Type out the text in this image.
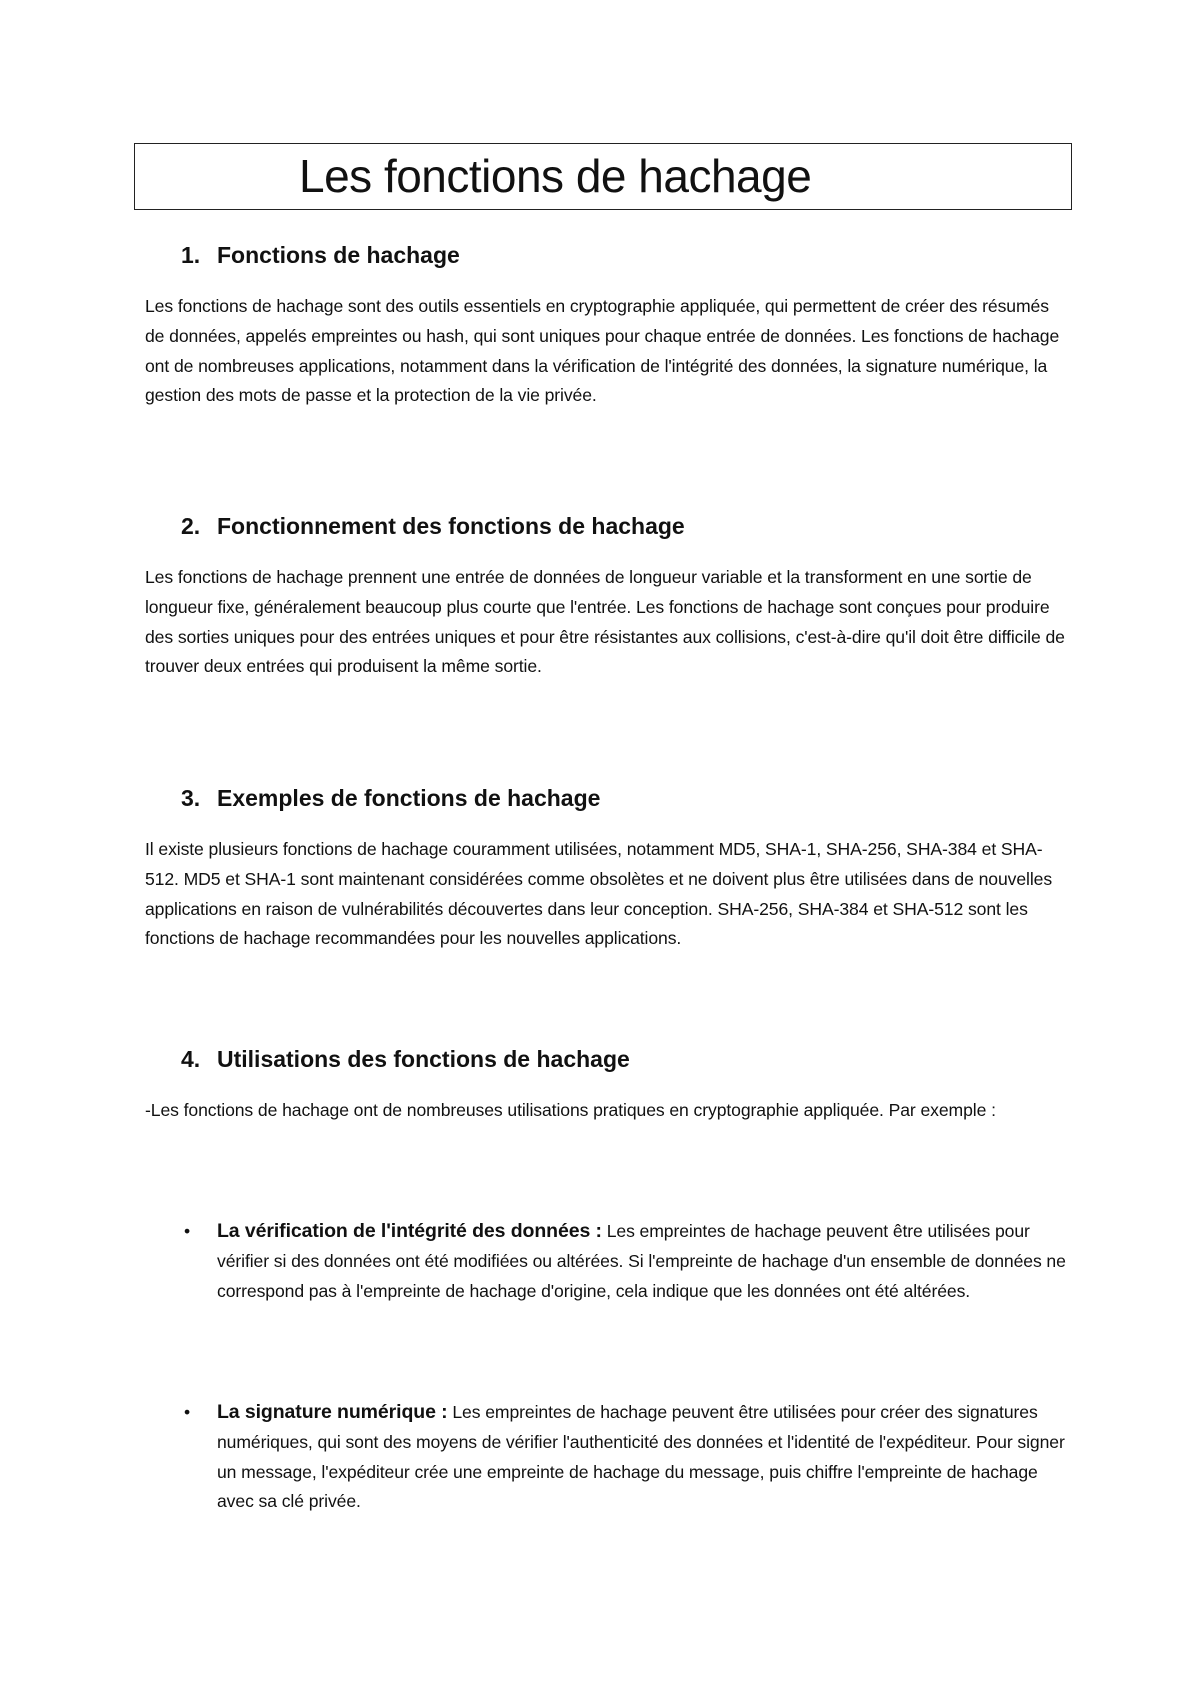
Les fonctions de hachage
1. Fonctions de hachage

Les fonctions de hachage sont des outils essentiels en cryptographie appliquée, qui permettent de créer des résumés de données, appelés empreintes ou hash, qui sont uniques pour chaque entrée de données. Les fonctions de hachage ont de nombreuses applications, notamment dans la vérification de l'intégrité des données, la signature numérique, la gestion des mots de passe et la protection de la vie privée.

2. Fonctionnement des fonctions de hachage

Les fonctions de hachage prennent une entrée de données de longueur variable et la transforment en une sortie de longueur fixe, généralement beaucoup plus courte que l'entrée. Les fonctions de hachage sont conçues pour produire des sorties uniques pour des entrées uniques et pour être résistantes aux collisions, c'est-à-dire qu'il doit être difficile de trouver deux entrées qui produisent la même sortie.

3. Exemples de fonctions de hachage

Il existe plusieurs fonctions de hachage couramment utilisées, notamment MD5, SHA-1, SHA-256, SHA-384 et SHA-512. MD5 et SHA-1 sont maintenant considérées comme obsolètes et ne doivent plus être utilisées dans de nouvelles applications en raison de vulnérabilités découvertes dans leur conception. SHA-256, SHA-384 et SHA-512 sont les fonctions de hachage recommandées pour les nouvelles applications.

4. Utilisations des fonctions de hachage

-Les fonctions de hachage ont de nombreuses utilisations pratiques en cryptographie appliquée. Par exemple :

• La vérification de l'intégrité des données : Les empreintes de hachage peuvent être utilisées pour vérifier si des données ont été modifiées ou altérées. Si l'empreinte de hachage d'un ensemble de données ne correspond pas à l'empreinte de hachage d'origine, cela indique que les données ont été altérées.

• La signature numérique : Les empreintes de hachage peuvent être utilisées pour créer des signatures numériques, qui sont des moyens de vérifier l'authenticité des données et l'identité de l'expéditeur. Pour signer un message, l'expéditeur crée une empreinte de hachage du message, puis chiffre l'empreinte de hachage avec sa clé privée.
